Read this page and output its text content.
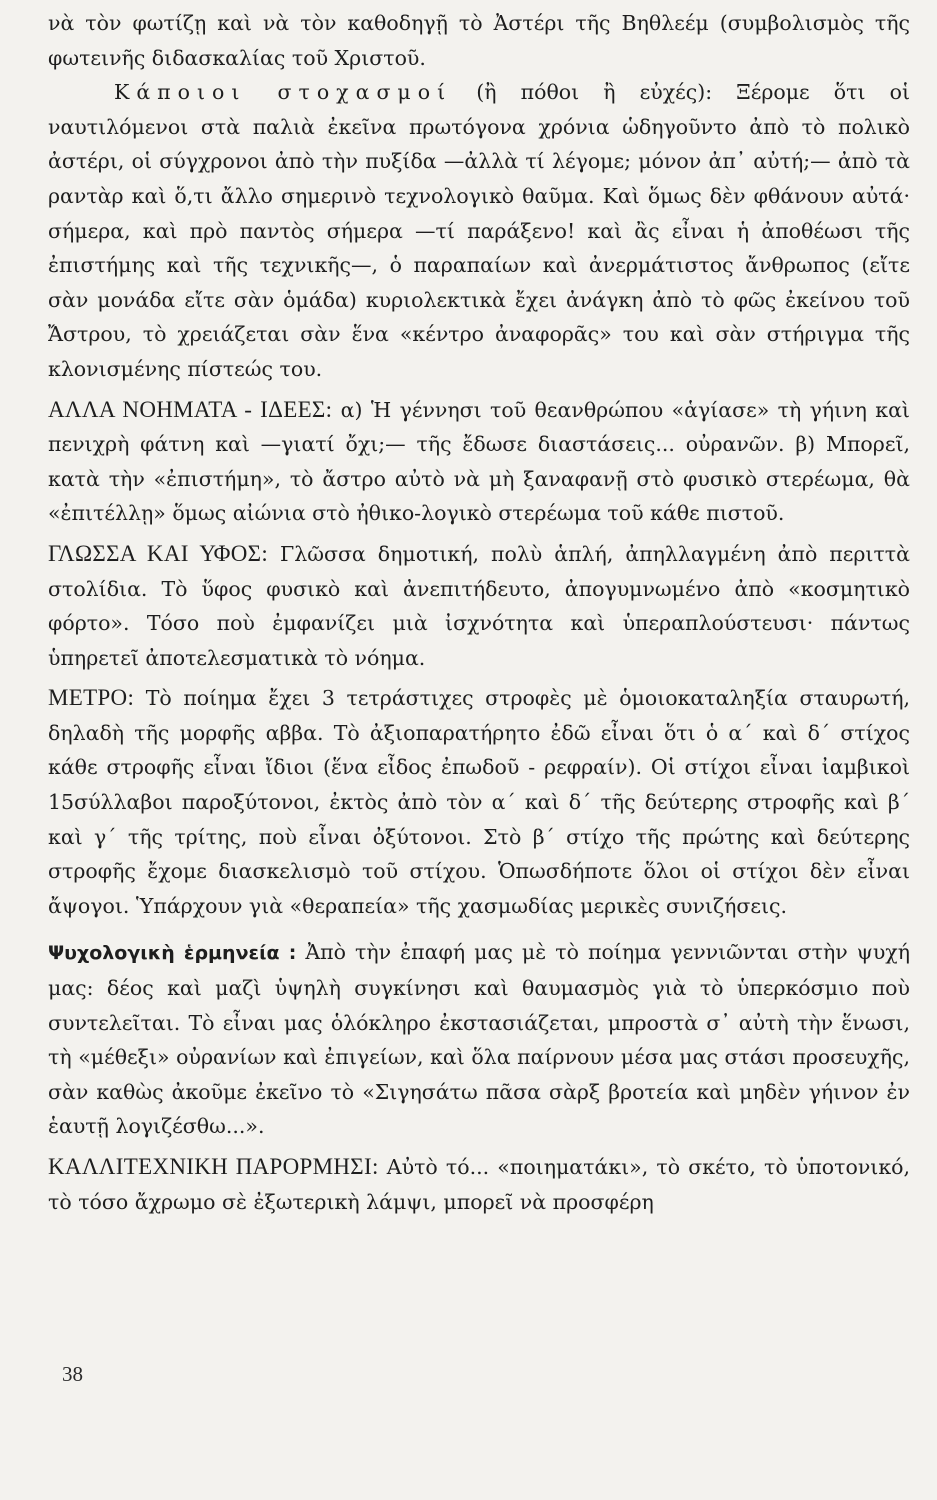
νὰ τὸν φωτίζῃ καὶ νὰ τὸν καθοδηγῇ τὸ Ἀστέρι τῆς Βηθλεέμ (συμβολισμὸς τῆς φωτεινῆς διδασκαλίας τοῦ Χριστοῦ.

Κάποιοι στοχασμοί (ἢ πόθοι ἢ εὐχές): Ξέρομε ὅτι οἱ ναυτιλόμενοι στὰ παλιὰ ἐκεῖνα πρωτόγονα χρόνια ὡδηγοῦντο ἀπὸ τὸ πολικὸ ἀστέρι, οἱ σύγχρονοι ἀπὸ τὴν πυξίδα —ἀλλὰ τί λέγομε; μόνον ἀπ᾽ αὐτή;— ἀπὸ τὰ ραντὰρ καὶ ὅ,τι ἄλλο σημερινὸ τεχνολογικὸ θαῦμα. Καὶ ὅμως δὲν φθάνουν αὐτά· σήμερα, καὶ πρὸ παντὸς σήμερα —τί παράξενο! καὶ ἂς εἶναι ἡ ἀποθέωσι τῆς ἐπιστήμης καὶ τῆς τεχνικῆς—, ὁ παραπαίων καὶ ἀνερμάτιστος ἄνθρωπος (εἴτε σὰν μονάδα εἴτε σὰν ὁμάδα) κυριολεκτικὰ ἔχει ἀνάγκη ἀπὸ τὸ φῶς ἐκείνου τοῦ Ἄστρου, τὸ χρειάζεται σὰν ἕνα «κέντρο ἀναφορᾶς» του καὶ σὰν στήριγμα τῆς κλονισμένης πίστεώς του.

ΑΛΛΑ ΝΟΗΜΑΤΑ - ΙΔΕΕΣ: α) Ἡ γέννησι τοῦ θεανθρώπου «ἁγίασε» τὴ γήινη καὶ πενιχρὴ φάτνη καὶ —γιατί ὄχι;— τῆς ἔδωσε διαστάσεις... οὐρανῶν. β) Μπορεῖ, κατὰ τὴν «ἐπιστήμη», τὸ ἄστρο αὐτὸ νὰ μὴ ξαναφανῇ στὸ φυσικὸ στερέωμα, θὰ «ἐπιτέλλῃ» ὅμως αἰώνια στὸ ἠθικο-λογικὸ στερέωμα τοῦ κάθε πιστοῦ.

ΓΛΩΣΣΑ ΚΑΙ ΥΦΟΣ: Γλῶσσα δημοτική, πολὺ ἁπλή, ἀπηλλαγμένη ἀπὸ περιττὰ στολίδια. Τὸ ὕφος φυσικὸ καὶ ἀνεπιτήδευτο, ἀπογυμνωμένο ἀπὸ «κοσμητικὸ φόρτο». Τόσο ποὺ ἐμφανίζει μιὰ ἰσχνότητα καὶ ὑπεραπλούστευσι· πάντως ὑπηρετεῖ ἀποτελεσματικὰ τὸ νόημα.

ΜΕΤΡΟ: Τὸ ποίημα ἔχει 3 τετράστιχες στροφὲς μὲ ὁμοιοκαταληξία σταυρωτή, δηλαδὴ τῆς μορφῆς αββα. Τὸ ἀξιοπαρατήρητο ἐδῶ εἶναι ὅτι ὁ α΄ καὶ δ΄ στίχος κάθε στροφῆς εἶναι ἴδιοι (ἕνα εἶδος ἐπωδοῦ - ρεφραίν). Οἱ στίχοι εἶναι ἰαμβικοὶ 15σύλλαβοι παροξύτονοι, ἐκτὸς ἀπὸ τὸν α΄ καὶ δ΄ τῆς δεύτερης στροφῆς καὶ β΄ καὶ γ΄ τῆς τρίτης, ποὺ εἶναι ὀξύτονοι. Στὸ β΄ στίχο τῆς πρώτης καὶ δεύτερης στροφῆς ἔχομε διασκελισμὸ τοῦ στίχου. Ὁπωσδήποτε ὅλοι οἱ στίχοι δὲν εἶναι ἄψογοι. Ὑπάρχουν γιὰ «θεραπεία» τῆς χασμωδίας μερικὲς συνιζήσεις.

Ψυχολογικὴ ἑρμηνεία : Ἀπὸ τὴν ἐπαφή μας μὲ τὸ ποίημα γεννιῶνται στὴν ψυχή μας: δέος καὶ μαζὶ ὑψηλὴ συγκίνησι καὶ θαυμασμὸς γιὰ τὸ ὑπερκόσμιο ποὺ συντελεῖται. Τὸ εἶναι μας ὁλόκληρο ἐκστασιάζεται, μπροστὰ σ᾽ αὐτὴ τὴν ἕνωσι, τὴ «μέθεξι» οὐρανίων καὶ ἐπιγείων, καὶ ὅλα παίρνουν μέσα μας στάσι προσευχῆς, σὰν καθὼς ἀκοῦμε ἐκεῖνο τὸ «Σιγησάτω πᾶσα σὰρξ βροτεία καὶ μηδὲν γήινον ἐν ἑαυτῇ λογιζέσθω...».

ΚΑΛΛΙΤΕΧΝΙΚΗ ΠΑΡΟΡΜΗΣΙ: Αὐτὸ τό... «ποιηματάκι», τὸ σκέτο, τὸ ὑποτονικό, τὸ τόσο ἄχρωμο σὲ ἐξωτερικὴ λάμψι, μπορεῖ νὰ προσφέρη

38
